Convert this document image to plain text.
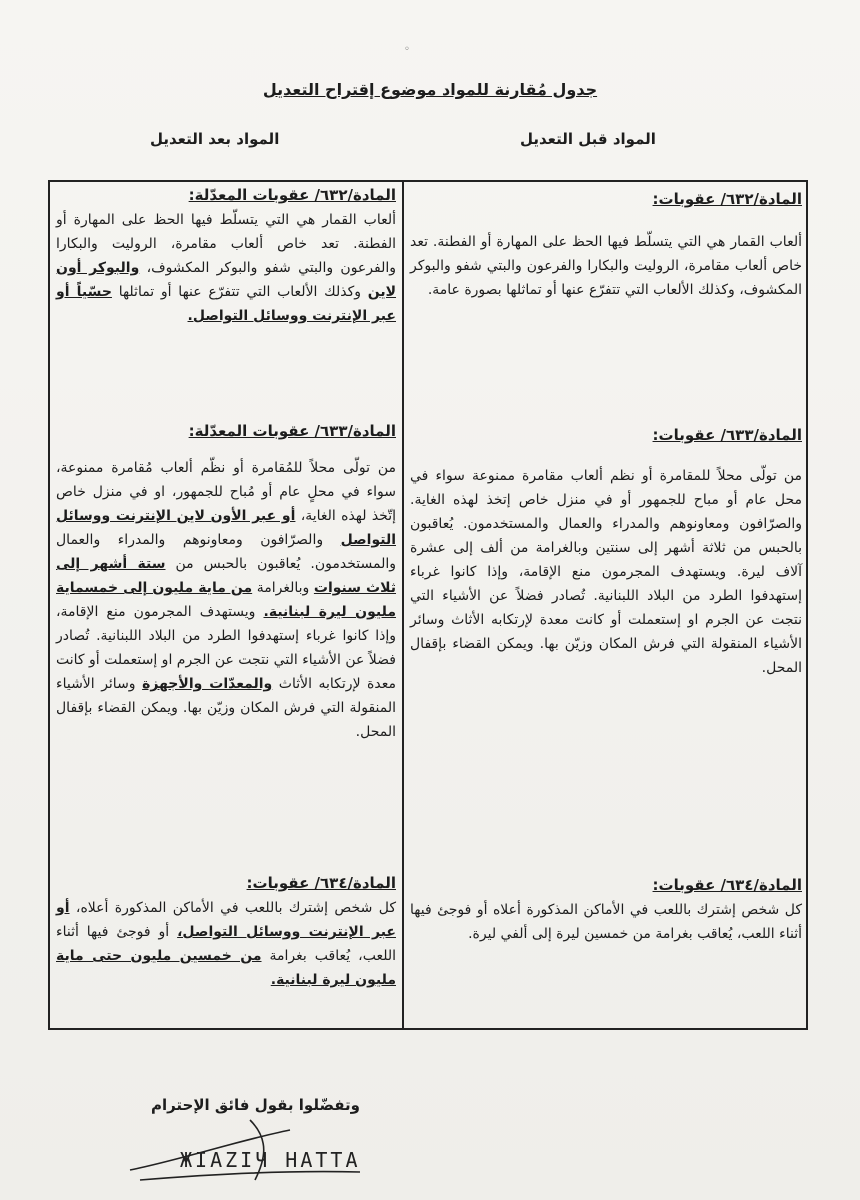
◦
جدول مُقارنة للمواد موضوع إقتراح التعديل
المواد قبل التعديل
المواد بعد التعديل

المادة/٦٣٢/ عقوبات:

ألعاب القمار هي التي يتسلّط فيها الحظ على المهارة أو الفطنة. تعد خاص ألعاب مقامرة، الروليت والبكارا والفرعون والبتي شفو والبوكر المكشوف، وكذلك الألعاب التي تتفرّع عنها أو تماثلها بصورة عامة.

المادة/٦٣٢/ عقوبات المعدّلة:

ألعاب القمار هي التي يتسلّط فيها الحظ على المهارة أو الفطنة. تعد خاص ألعاب مقامرة، الروليت والبكارا والفرعون والبتي شفو والبوكر المكشوف، والبوكر أون لاين وكذلك الألعاب التي تتفرّع عنها أو تماثلها حسّياً أو عبر الإنترنت ووسائل التواصل.

المادة/٦٣٣/ عقوبات:

من تولّى محلاً للمقامرة أو نظم ألعاب مقامرة ممنوعة سواء في محل عام أو مباح للجمهور أو في منزل خاص إتخذ لهذه الغاية. والصرّافون ومعاونوهم والمدراء والعمال والمستخدمون. يُعاقبون بالحبس من ثلاثة أشهر إلى سنتين وبالغرامة من ألف إلى عشرة آلاف ليرة. ويستهدف المجرمون منع الإقامة، وإذا كانوا غرباء إستهدفوا الطرد من البلاد اللبنانية. تُصادر فضلاً عن الأشياء التي نتجت عن الجرم او إستعملت أو كانت معدة لإرتكابه الأثاث وسائر الأشياء المنقولة التي فرش المكان وزيّن بها. ويمكن القضاء بإقفال المحل.

المادة/٦٣٣/ عقوبات المعدّلة:

من تولّى محلاً للمُقامرة أو نظّم ألعاب مُقامرة ممنوعة، سواء في محلٍ عام أو مُباح للجمهور، او في منزل خاص إتّخذ لهذه الغاية، أو عبر الأون لاين الإنترنت ووسائل التواصل والصرّافون ومعاونوهم والمدراء والعمال والمستخدمون. يُعاقبون بالحبس من ستة أشهر إلى ثلاث سنوات وبالغرامة من ماية مليون إلى خمسماية مليون ليرة لبنانية. ويستهدف المجرمون منع الإقامة، وإذا كانوا غرباء إستهدفوا الطرد من البلاد اللبنانية. تُصادر فضلاً عن الأشياء التي نتجت عن الجرم او إستعملت أو كانت معدة لإرتكابه الأثاث والمعدّات والأجهزة وسائر الأشياء المنقولة التي فرش المكان وزيّن بها. ويمكن القضاء بإقفال المحل.

المادة/٦٣٤/ عقوبات:

كل شخص إشترك باللعب في الأماكن المذكورة أعلاه أو فوجئ فيها أثناء اللعب، يُعاقب بغرامة من خمسين ليرة إلى ألفي ليرة.

المادة/٦٣٤/ عقوبات:

كل شخص إشترك باللعب في الأماكن المذكورة أعلاه، أو عبر الإنترنت ووسائل التواصل، أو فوجئ فيها أثناء اللعب، يُعاقب بغرامة من خمسين مليون حتى ماية مليون ليرة لبنانية.

وتفضّلوا بقول فائق الإحترام
ЖIAZIЧ HATTA
